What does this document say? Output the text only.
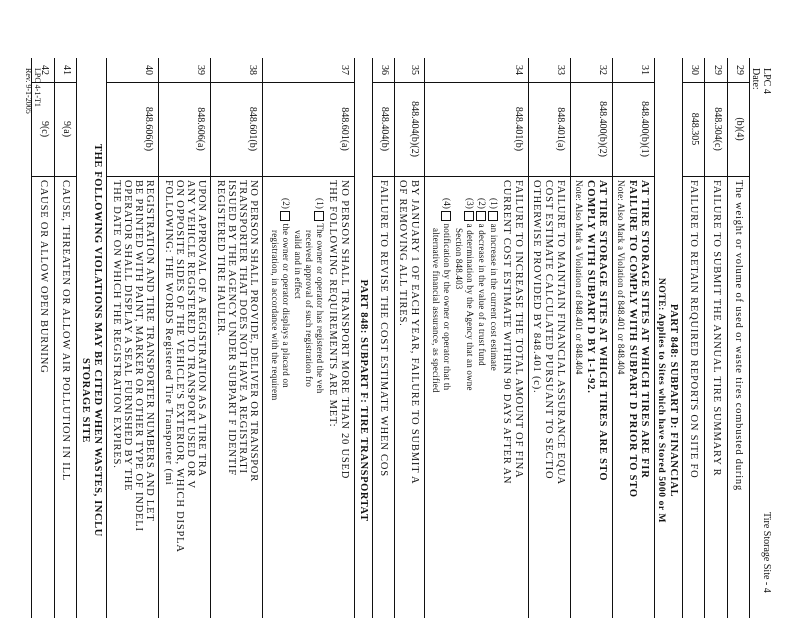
LPC 4
Date:
Tire Storage Site - 4
LPC 4-1-T1
Rev. 9-1-2005	29
(b)(4)
The weight or volume of used or waste tires combusted during
29
848.304(c)
FAILURE TO SUBMIT THE ANNUAL TIRE SUMMARY R
30
848.305
FAILURE TO RETAIN REQUIRED REPORTS ON SITE FO
PART 848: SUBPART D: FINANCIAL
NOTE: Applies to Sites which have Stored 5000 or M
31
848.400(b)(1)
AT TIRE STORAGE SITES AT WHICH TIRES ARE FIR
FAILURE TO COMPLY WITH SUBPART D PRIOR TO STO
Note: Also Mark a Violation of 848.401 or 848.404
32
848.400(b)(2)
AT TIRE STORAGE SITES AT WHICH TIRES ARE STO
COMPLY WITH SUBPART D BY 1-1-92.
Note: Also Mark a Violation of 848.401 or 848.404
33
848.401(a)
FAILURE TO MAINTAIN FINANCIAL ASSURANCE EQUA
COST ESTIMATE CALCULATED PURSUANT TO SECTIO
OTHERWISE PROVIDED BY 848.401 (c).
34
848.401(b)
FAILURE TO INCREASE THE TOTAL AMOUNT OF FINA
CURRENT COST ESTIMATE WITHIN 90 DAYS AFTER AN
(1) an increase in the current cost estimate
(2) a decrease in the value of a trust fund
(3) a determination by the Agency that an owne
Section 848.403
(4) notification by the owner or operator that th
alternative financial assurance, as specified
35
848.404(b)(2)
BY JANUARY 1 OF EACH YEAR, FAILURE TO SUBMIT A
OF REMOVING ALL TIRES.
36
848.404(b)
FAILURE TO REVISE THE COST ESTIMATE WHEN COS
PART 848: SUBPART F: TIRE TRANSPORTAT
37
848.601(a)
NO PERSON SHALL TRANSPORT MORE THAN 20 USED
THE FOLLOWING REQUIREMENTS ARE MET:
(1) The owner or operator has registered the veh
received approval of such registration fro
valid and in effect
(2) the owner or operator displays a placard on
registration, in accordance with the requirem
38
848.601(b)
NO PERSON SHALL PROVIDE, DELIVER OR TRANSPOR
TRANSPORTER THAT DOES NOT HAVE A REGISTRATI
ISSUED BY THE AGENCY UNDER SUBPART F IDENTIF
REGISTERED TIRE HAULER.
39
848.606(a)
UPON APPROVAL OF A REGISTRATION AS A TIRE TRA
ANY VEHICLE REGISTERED TO TRANSPORT USED OR V
ON OPPOSITE SIDES OF THE VEHICLE'S EXTERIOR, WHICH DISPLA
FOLLOWING: THE WORDS Registered Tire Transporter (mi
40
848.606(b)
REGISTRATION AND TIRE TRANSPORTER NUMBERS AND LET
BE PRINTED WITH PAINT, MARKER OR OTHER TYPE OF INDELI
OPERATOR SHALL DISPLAY A SEAL FURNISHED BY THE
THE DATE ON WHICH THE REGISTRATION EXPIRES.
THE FOLLOWING VIOLATIONS MAY BE CITED WHEN WASTES, INCLU
STORAGE SITE
41
9(a)
CAUSE, THREATEN OR ALLOW AIR POLLUTION IN ILL
42
9(c)
CAUSE OR ALLOW OPEN BURNING
